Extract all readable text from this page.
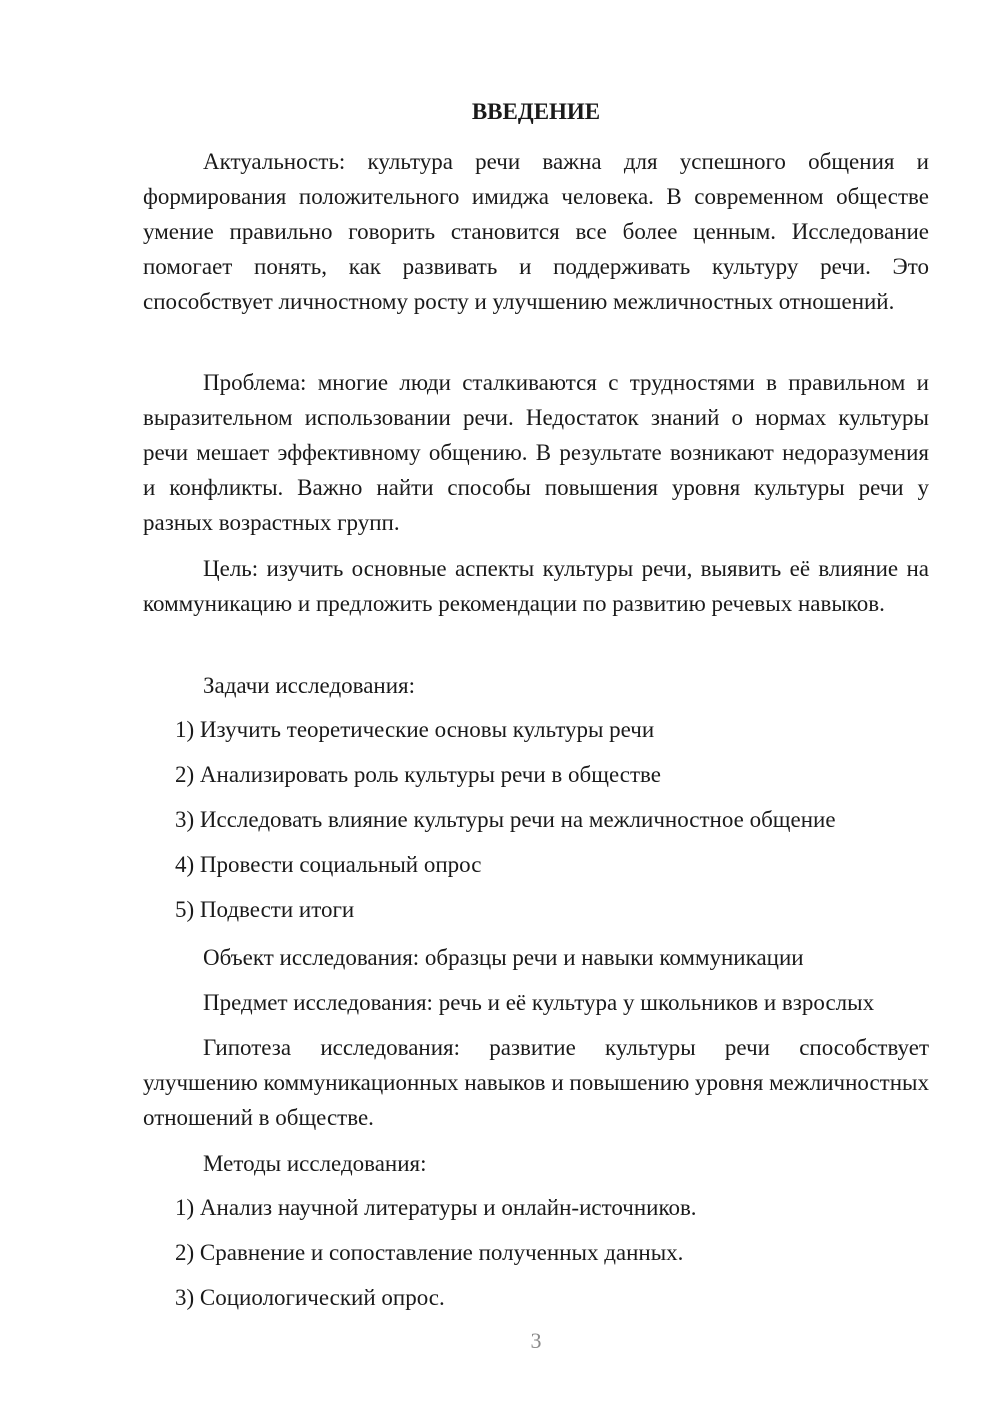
ВВЕДЕНИЕ
Актуальность: культура речи важна для успешного общения и формирования положительного имиджа человека. В современном обществе умение правильно говорить становится все более ценным. Исследование помогает понять, как развивать и поддерживать культуру речи. Это способствует личностному росту и улучшению межличностных отношений.
Проблема: многие люди сталкиваются с трудностями в правильном и выразительном использовании речи. Недостаток знаний о нормах культуры речи мешает эффективному общению. В результате возникают недоразумения и конфликты. Важно найти способы повышения уровня культуры речи у разных возрастных групп.
Цель: изучить основные аспекты культуры речи, выявить её влияние на коммуникацию и предложить рекомендации по развитию речевых навыков.
Задачи исследования:
1) Изучить теоретические основы культуры речи
2) Анализировать роль культуры речи в обществе
3) Исследовать влияние культуры речи на межличностное общение
4) Провести социальный опрос
5) Подвести итоги
Объект исследования: образцы речи и навыки коммуникации
Предмет исследования: речь и её культура у школьников и взрослых
Гипотеза исследования: развитие культуры речи способствует улучшению коммуникационных навыков и повышению уровня межличностных отношений в обществе.
Методы исследования:
1) Анализ научной литературы и онлайн-источников.
2) Сравнение и сопоставление полученных данных.
3) Социологический опрос.
3
